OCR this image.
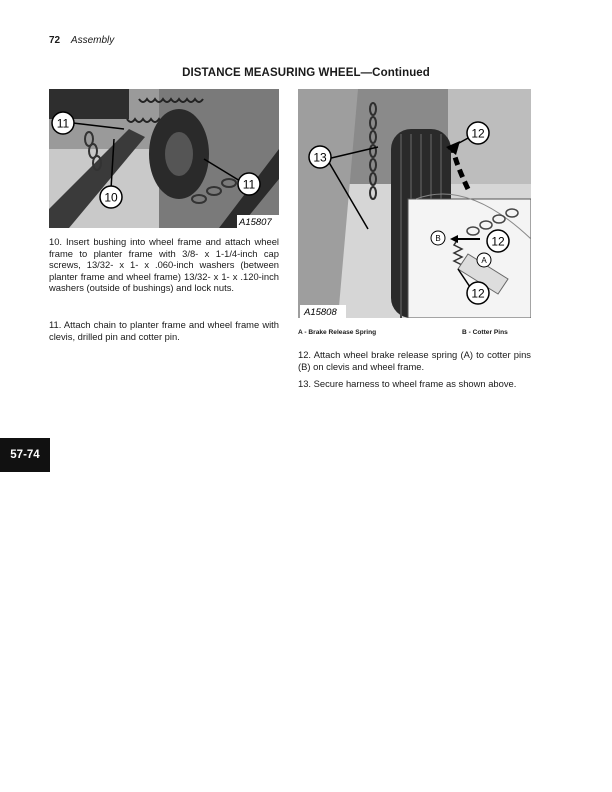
72 Assembly
DISTANCE MEASURING WHEEL—Continued
11
10
11
A15807
12
13
B
A
12
12
A15808

10. Insert bushing into wheel frame and attach wheel frame to planter frame with 3/8- x 1-1/4-inch cap screws, 13/32- x 1- x .060-inch washers (between planter frame and wheel frame) 13/32- x 1- x .120-inch washers (outside of bushings) and lock nuts.

11. Attach chain to planter frame and wheel frame with clevis, drilled pin and cotter pin.	A - Brake Release Spring	B - Cotter Pins

12. Attach wheel brake release spring (A) to cotter pins (B) on clevis and wheel frame.

13. Secure harness to wheel frame as shown above.

57-74
